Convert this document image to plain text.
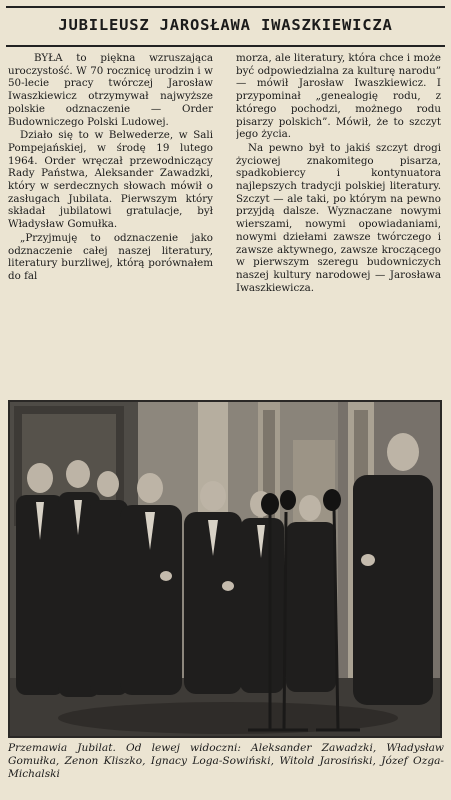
JUBILEUSZ JAROSŁAWA IWASZKIEWICZA

BYŁA to piękna wzruszająca uroczystość. W 70 rocznicę urodzin i w 50-lecie pracy twórczej Jarosław Iwaszkiewicz otrzymywał najwyższe polskie odznaczenie — Order Budowniczego Polski Ludowej.

Działo się to w Belwederze, w Sali Pompejańskiej, w środę 19 lutego 1964. Order wręczał przewodniczący Rady Państwa, Aleksander Zawadzki, który w serdecznych słowach mówił o zasługach Jubilata. Pierwszym który składał jubilatowi gratulacje, był Władysław Gomułka.

„Przyjmuję to odznaczenie jako odznaczenie całej naszej literatury, literatury burzliwej, którą porównałem do fal

morza, ale literatury, która chce i może być odpowiedzialna za kulturę narodu” — mówił Jarosław Iwaszkiewicz. I przypominał „genealogię rodu, z którego pochodzi, możnego rodu pisarzy polskich”. Mówił, że to szczyt jego życia.

Na pewno był to jakiś szczyt drogi życiowej znakomitego pisarza, spadkobiercy i kontynuatora najlepszych tradycji polskiej literatury. Szczyt — ale taki, po którym na pewno przyjdą dalsze. Wyznaczane nowymi wierszami, nowymi opowiadaniami, nowymi dziełami zawsze twórczego i zawsze aktywnego, zawsze kroczącego w pierwszym szeregu budowniczych naszej kultury narodowej — Jarosława Iwaszkiewicza.

Przemawia Jubilat. Od lewej widoczni: Aleksander Zawadzki, Władysław Gomułka, Zenon Kliszko, Ignacy Loga-Sowiński, Witold Jarosiński, Józef Ozga-Michalski
